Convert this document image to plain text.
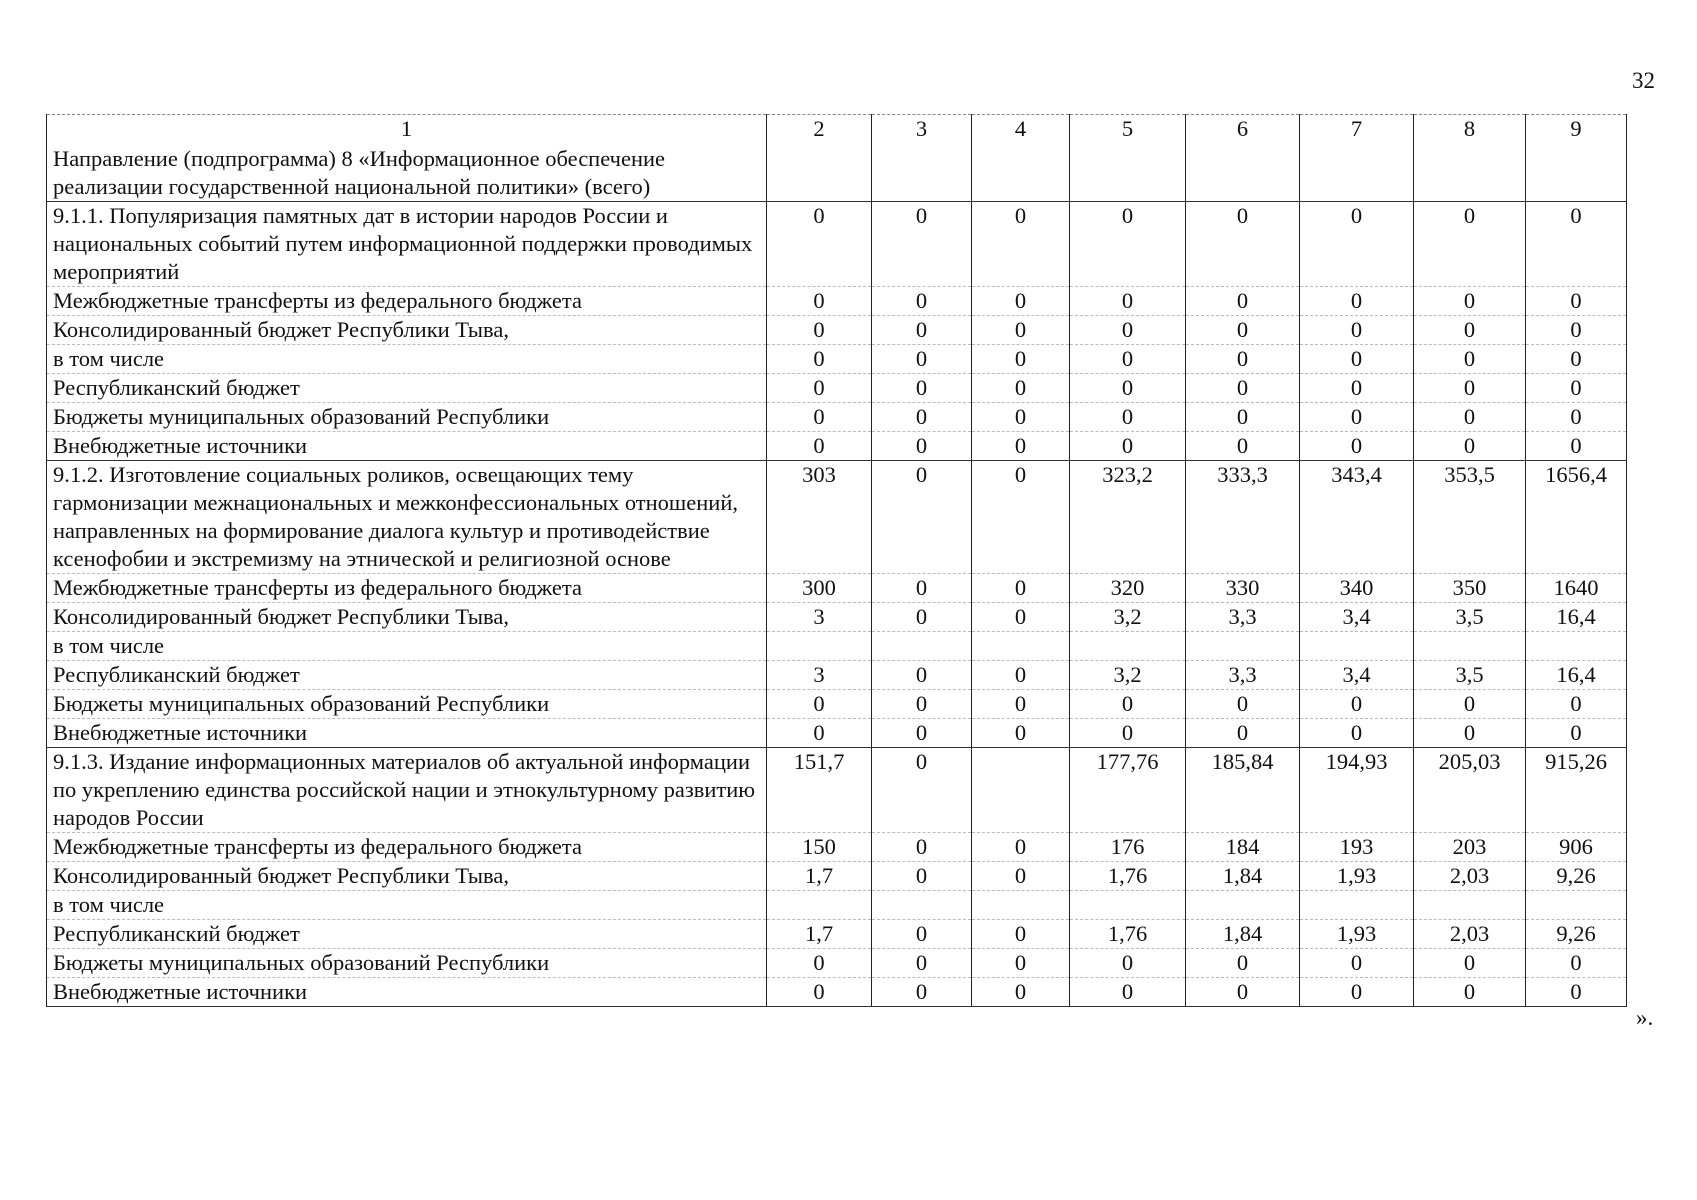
32
1	2	3	4	5	6	7	8	9
Направление (подпрограмма) 8 «Информационное обеспечение реализации государственной национальной политики» (всего)								
9.1.1. Популяризация памятных дат в истории народов России и национальных событий путем информационной поддержки проводимых мероприятий	0	0	0	0	0	0	0	0
Межбюджетные трансферты из федерального бюджета	0	0	0	0	0	0	0	0
Консолидированный бюджет Республики Тыва,	0	0	0	0	0	0	0	0
в том числе	0	0	0	0	0	0	0	0
Республиканский бюджет	0	0	0	0	0	0	0	0
Бюджеты муниципальных образований Республики	0	0	0	0	0	0	0	0
Внебюджетные источники	0	0	0	0	0	0	0	0
9.1.2. Изготовление социальных роликов, освещающих тему гармонизации межнациональных и межконфессиональных отношений, направленных на формирование диалога культур и противодействие ксенофобии и экстремизму на этнической и религиозной основе	303	0	0	323,2	333,3	343,4	353,5	1656,4
Межбюджетные трансферты из федерального бюджета	300	0	0	320	330	340	350	1640
Консолидированный бюджет Республики Тыва,	3	0	0	3,2	3,3	3,4	3,5	16,4
в том числе								
Республиканский бюджет	3	0	0	3,2	3,3	3,4	3,5	16,4
Бюджеты муниципальных образований Республики	0	0	0	0	0	0	0	0
Внебюджетные источники	0	0	0	0	0	0	0	0
9.1.3. Издание информационных материалов об актуальной информации по укреплению единства российской нации и этнокультурному развитию народов России	151,7	0		177,76	185,84	194,93	205,03	915,26
Межбюджетные трансферты из федерального бюджета	150	0	0	176	184	193	203	906
Консолидированный бюджет Республики Тыва,	1,7	0	0	1,76	1,84	1,93	2,03	9,26
в том числе								
Республиканский бюджет	1,7	0	0	1,76	1,84	1,93	2,03	9,26
Бюджеты муниципальных образований Республики	0	0	0	0	0	0	0	0
Внебюджетные источники	0	0	0	0	0	0	0	0
».
